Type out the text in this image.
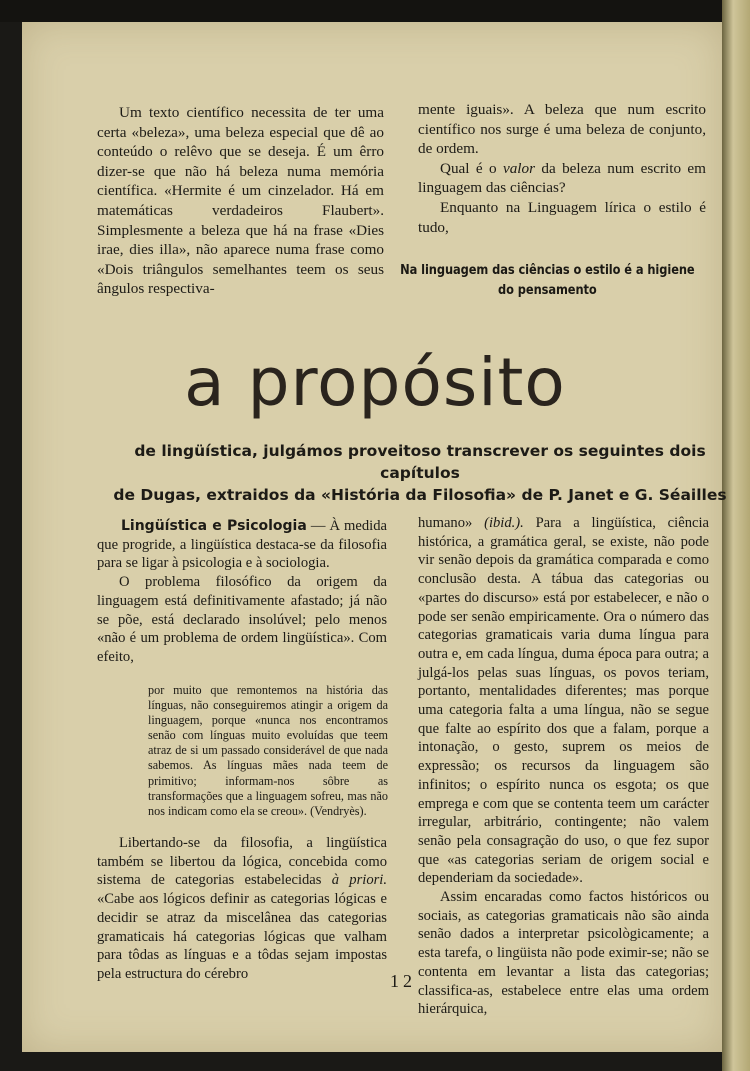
Um texto científico necessita de ter uma certa «beleza», uma beleza especial que dê ao conteúdo o relêvo que se deseja. É um êrro dizer-se que não há beleza numa memória científica. «Hermite é um cinzelador. Há em matemáticas verdadeiros Flaubert». Simplesmente a beleza que há na frase «Dies irae, dies illa», não aparece numa frase como «Dois triângulos semelhantes teem os seus ângulos respectiva-

mente iguais». A beleza que num escrito científico nos surge é uma beleza de conjunto, de ordem.

Qual é o valor da beleza num escrito em linguagem das ciências?

Enquanto na Linguagem lírica o estilo é tudo,

Na linguagem das ciências o estilo é a higiene
do pensamento
a propósito
de lingüística, julgámos proveitoso transcrever os seguintes dois capítulos
de Dugas, extraidos da «História da Filosofia» de P. Janet e G. Séailles

Lingüística e Psicologia — À medida que progride, a lingüística destaca-se da filosofia para se ligar à psicologia e à sociologia.

O problema filosófico da origem da linguagem está definitivamente afastado; já não se põe, está declarado insolúvel; pelo menos «não é um problema de ordem lingüística». Com efeito,

por muito que remontemos na história das línguas, não conseguiremos atingir a origem da linguagem, porque «nunca nos encontramos senão com línguas muito evoluídas que teem atraz de si um passado considerável de que nada sabemos. As línguas mães nada teem de primitivo; informam-nos sôbre as transformações que a linguagem sofreu, mas não nos indicam como ela se creou». (Vendryès).

Libertando-se da filosofia, a lingüística também se libertou da lógica, concebida como sistema de categorias estabelecidas à priori. «Cabe aos lógicos definir as categorias lógicas e decidir se atraz da miscelânea das categorias gramaticais há categorias lógicas que valham para tôdas as línguas e a tôdas sejam impostas pela estructura do cérebro

humano» (ibid.). Para a lingüística, ciência histórica, a gramática geral, se existe, não pode vir senão depois da gramática comparada e como conclusão desta. A tábua das categorias ou «partes do discurso» está por estabelecer, e não o pode ser senão empiricamente. Ora o número das categorias gramaticais varia duma língua para outra e, em cada língua, duma época para outra; a julgá-los pelas suas línguas, os povos teriam, portanto, mentalidades diferentes; mas porque uma categoria falta a uma língua, não se segue que falte ao espírito dos que a falam, porque a intonação, o gesto, suprem os meios de expressão; os recursos da linguagem são infinitos; o espírito nunca os esgota; os que emprega e com que se contenta teem um carácter irregular, arbitrário, contingente; não valem senão pela consagração do uso, o que fez supor que «as categorias seriam de origem social e dependeriam da sociedade».

Assim encaradas como factos históricos ou sociais, as categorias gramaticais não são ainda senão dados a interpretar psicològicamente; a esta tarefa, o lingüista não pode eximir-se; não se contenta em levantar a lista das categorias; classifica-as, estabelece entre elas uma ordem hierárquica,

12
